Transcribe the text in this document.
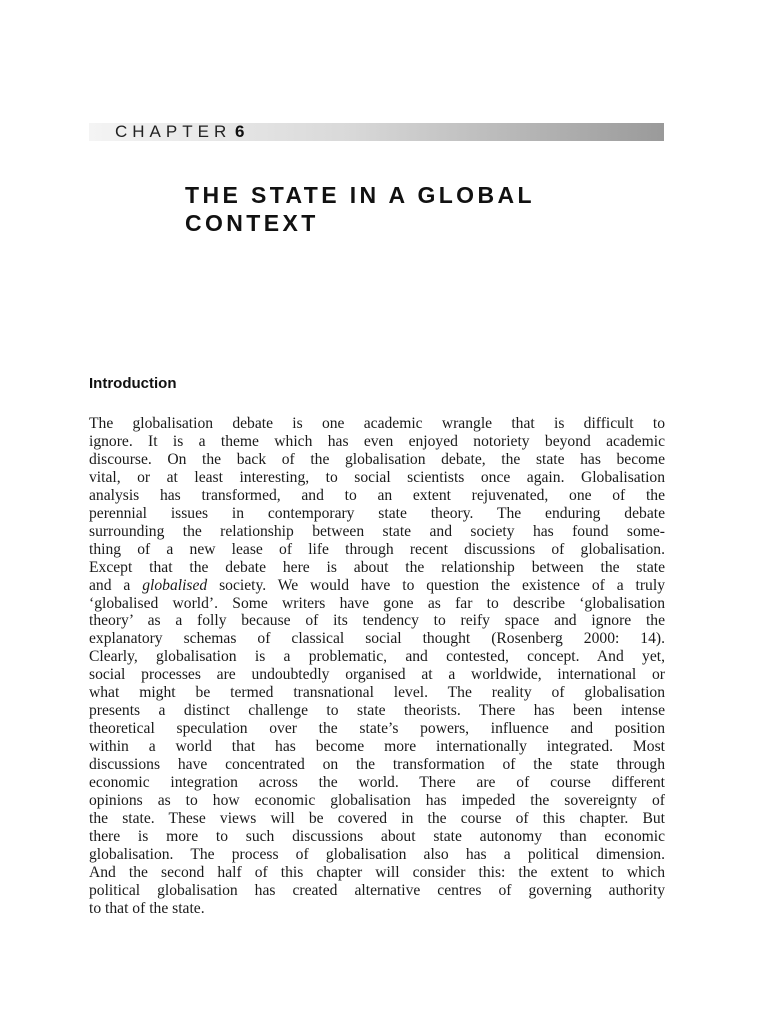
CHAPTER 6
THE STATE IN A GLOBAL
CONTEXT
Introduction
The globalisation debate is one academic wrangle that is difficult to
ignore. It is a theme which has even enjoyed notoriety beyond academic
discourse. On the back of the globalisation debate, the state has become
vital, or at least interesting, to social scientists once again. Globalisation
analysis has transformed, and to an extent rejuvenated, one of the
perennial issues in contemporary state theory. The enduring debate
surrounding the relationship between state and society has found some-
thing of a new lease of life through recent discussions of globalisation.
Except that the debate here is about the relationship between the state
and a globalised society. We would have to question the existence of a truly
‘globalised world’. Some writers have gone as far to describe ‘globalisation
theory’ as a folly because of its tendency to reify space and ignore the
explanatory schemas of classical social thought (Rosenberg 2000: 14).
Clearly, globalisation is a problematic, and contested, concept. And yet,
social processes are undoubtedly organised at a worldwide, international or
what might be termed transnational level. The reality of globalisation
presents a distinct challenge to state theorists. There has been intense
theoretical speculation over the state’s powers, influence and position
within a world that has become more internationally integrated. Most
discussions have concentrated on the transformation of the state through
economic integration across the world. There are of course different
opinions as to how economic globalisation has impeded the sovereignty of
the state. These views will be covered in the course of this chapter. But
there is more to such discussions about state autonomy than economic
globalisation. The process of globalisation also has a political dimension.
And the second half of this chapter will consider this: the extent to which
political globalisation has created alternative centres of governing authority
to that of the state.
